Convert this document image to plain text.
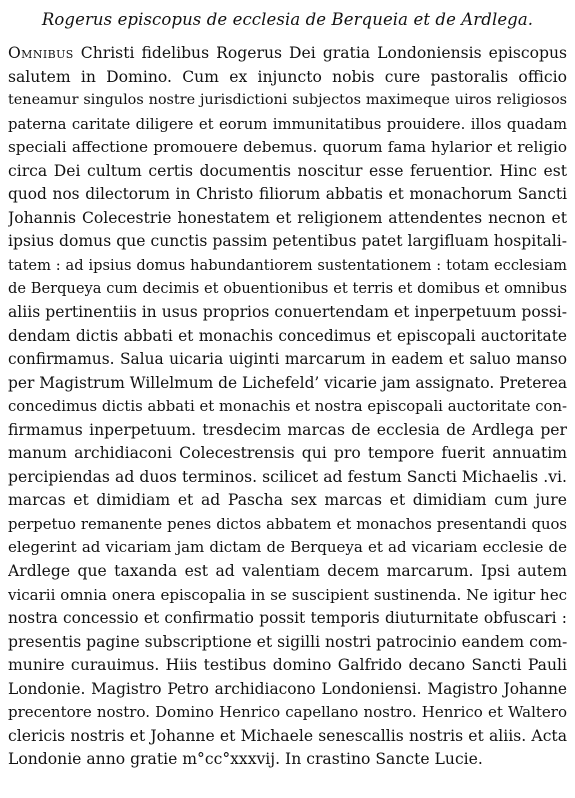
Rogerus episcopus de ecclesia de Berqueia et de Ardlega.
Omnibus Christi fidelibus Rogerus Dei gratia Londoniensis episcopus
salutem in Domino. Cum ex injuncto nobis cure pastoralis officio
teneamur singulos nostre jurisdictioni subjectos maximeque uiros religiosos
paterna caritate diligere et eorum immunitatibus prouidere. illos quadam
speciali affectione promouere debemus. quorum fama hylarior et religio
circa Dei cultum certis documentis noscitur esse feruentior. Hinc est
quod nos dilectorum in Christo filiorum abbatis et monachorum Sancti
Johannis Colecestrie honestatem et religionem attendentes necnon et
ipsius domus que cunctis passim petentibus patet largifluam hospitali-
tatem : ad ipsius domus habundantiorem sustentationem : totam ecclesiam
de Berqueya cum decimis et obuentionibus et terris et domibus et omnibus
aliis pertinentiis in usus proprios conuertendam et inperpetuum possi-
dendam dictis abbati et monachis concedimus et episcopali auctoritate
confirmamus. Salua uicaria uiginti marcarum in eadem et saluo manso
per Magistrum Willelmum de Lichefeld’ vicarie jam assignato. Preterea
concedimus dictis abbati et monachis et nostra episcopali auctoritate con-
firmamus inperpetuum. tresdecim marcas de ecclesia de Ardlega per
manum archidiaconi Colecestrensis qui pro tempore fuerit annuatim
percipiendas ad duos terminos. scilicet ad festum Sancti Michaelis .vi.
marcas et dimidiam et ad Pascha sex marcas et dimidiam cum jure
perpetuo remanente penes dictos abbatem et monachos presentandi quos
elegerint ad vicariam jam dictam de Berqueya et ad vicariam ecclesie de
Ardlege que taxanda est ad valentiam decem marcarum. Ipsi autem
vicarii omnia onera episcopalia in se suscipient sustinenda. Ne igitur hec
nostra concessio et confirmatio possit temporis diuturnitate obfuscari :
presentis pagine subscriptione et sigilli nostri patrocinio eandem com-
munire curauimus. Hiis testibus domino Galfrido decano Sancti Pauli
Londonie. Magistro Petro archidiacono Londoniensi. Magistro Johanne
precentore nostro. Domino Henrico capellano nostro. Henrico et Waltero
clericis nostris et Johanne et Michaele senescallis nostris et aliis. Acta
Londonie anno gratie m°cc°xxxvij. In crastino Sancte Lucie.
